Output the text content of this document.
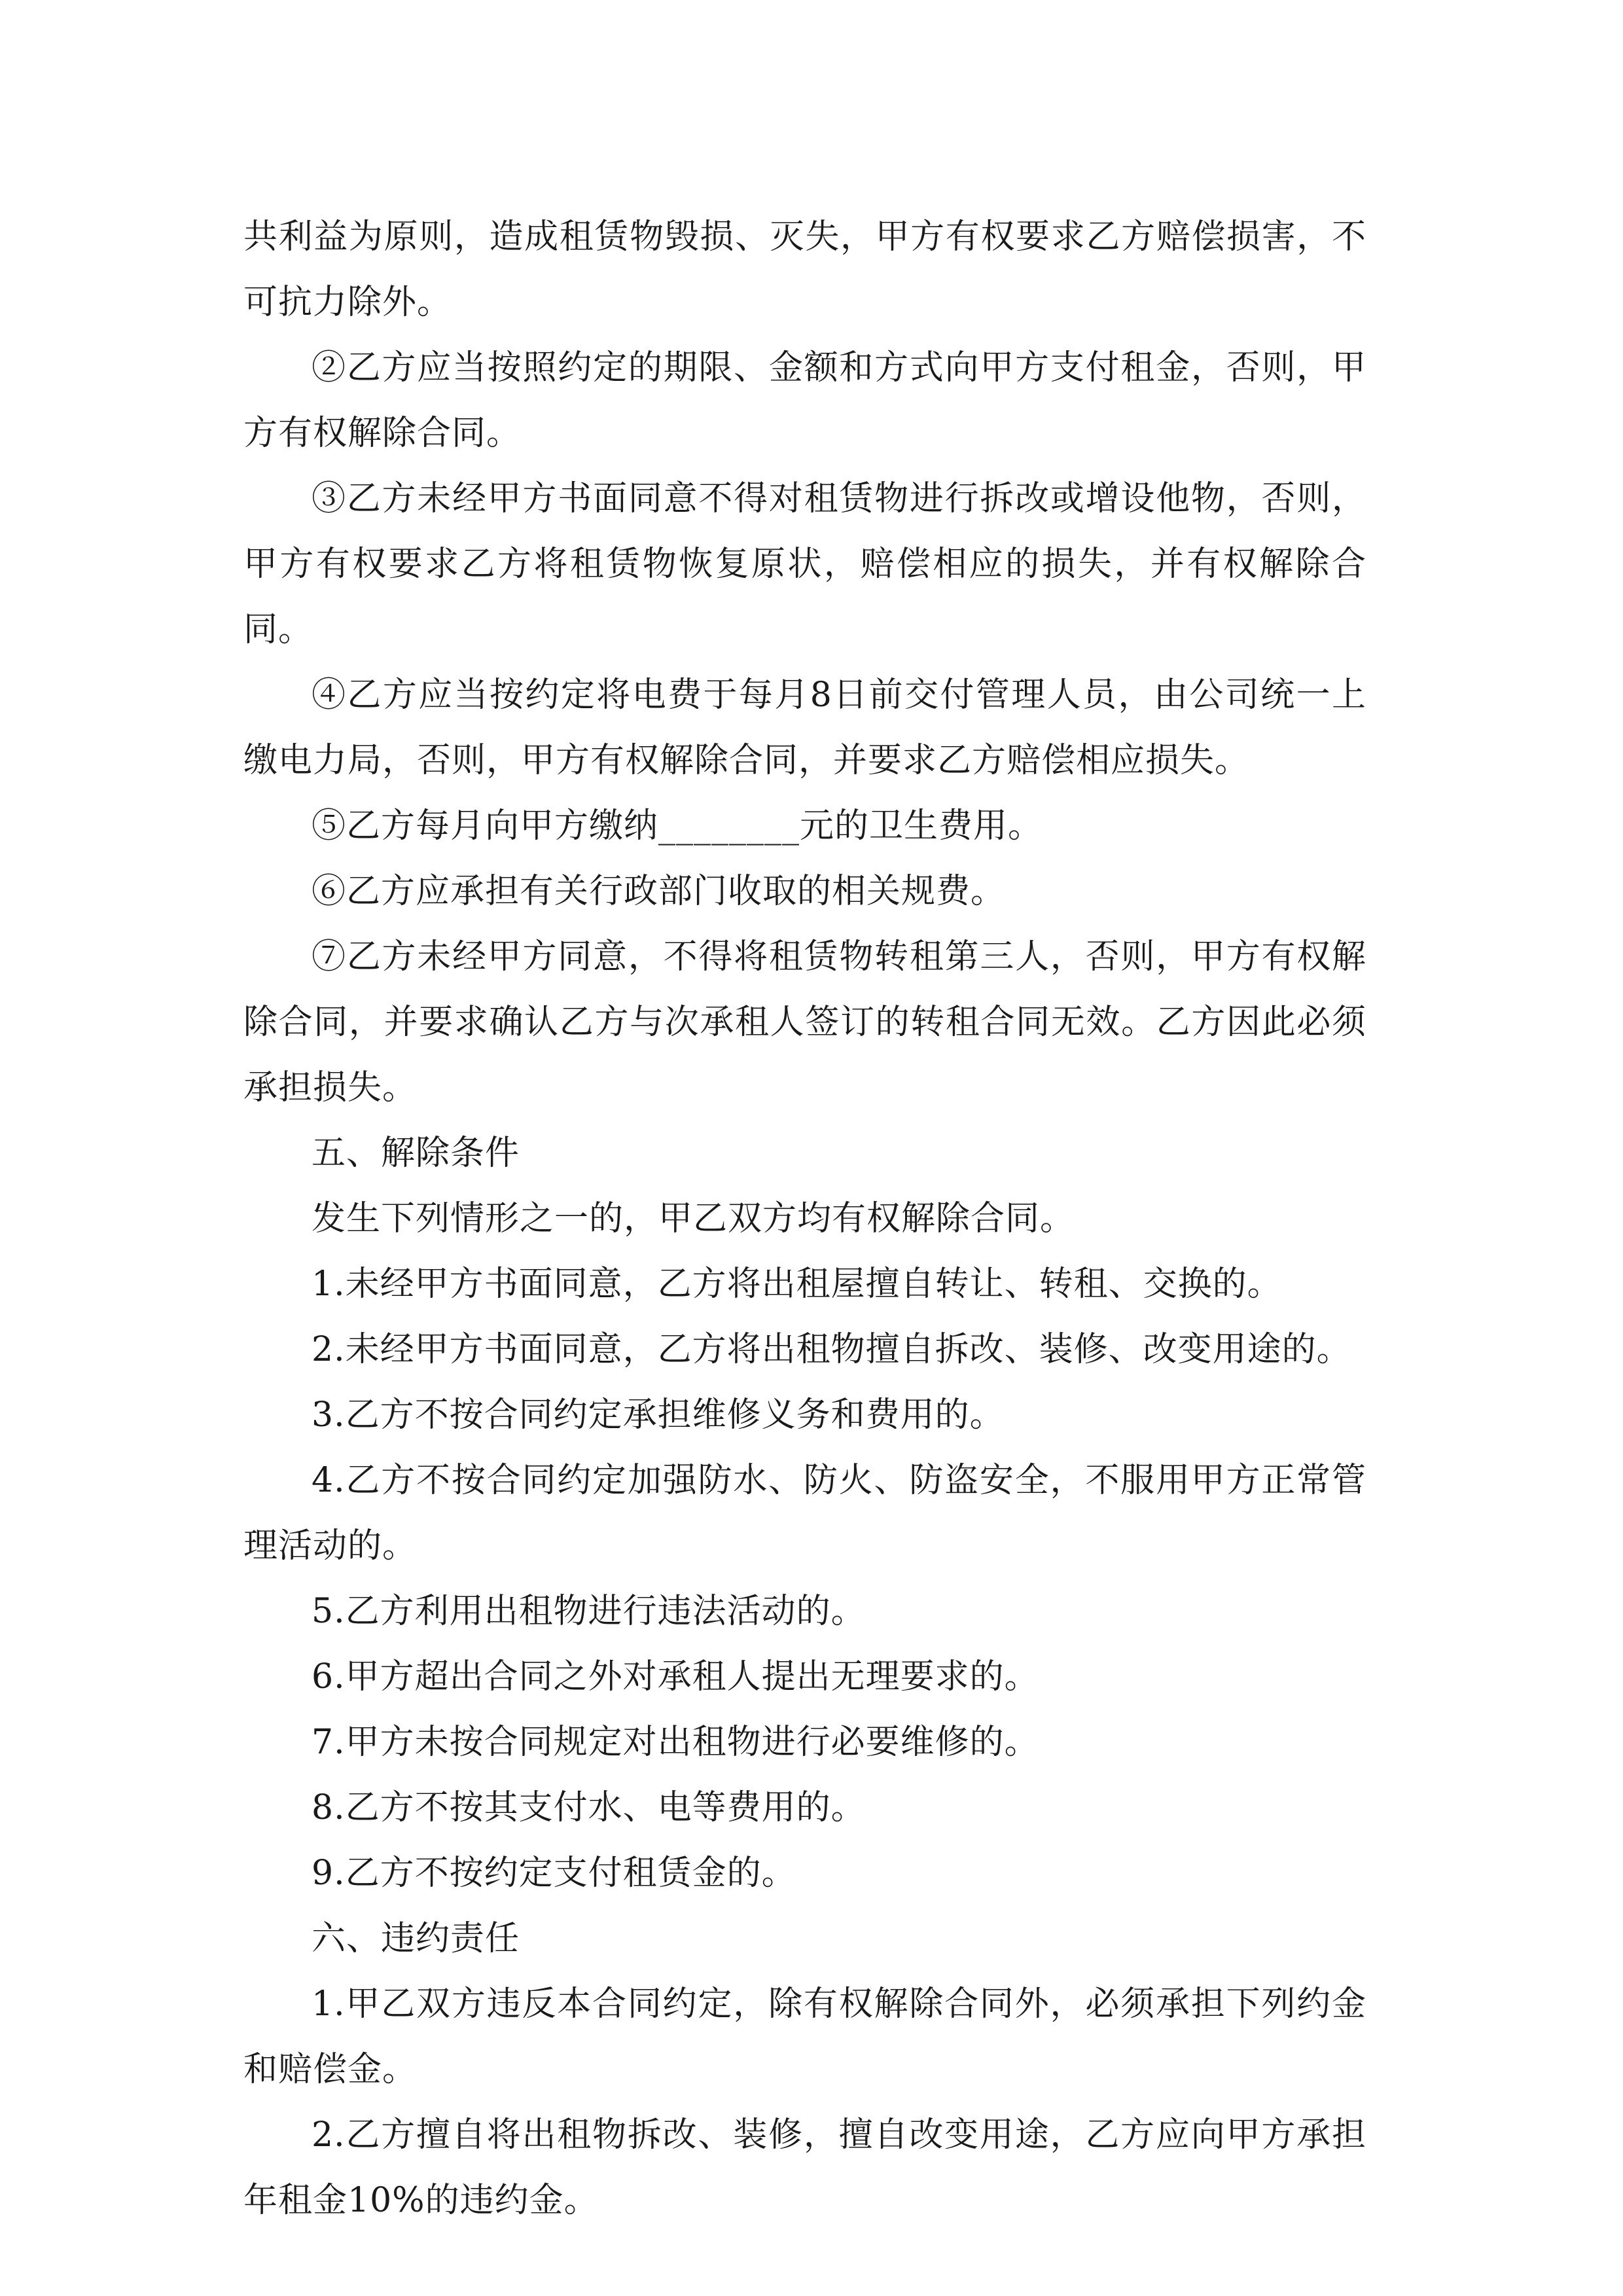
共利益为原则，造成租赁物毁损、灭失，甲方有权要求乙方赔偿损害，不可抗力除外。

②乙方应当按照约定的期限、金额和方式向甲方支付租金，否则，甲方有权解除合同。

③乙方未经甲方书面同意不得对租赁物进行拆改或增设他物，否则，甲方有权要求乙方将租赁物恢复原状，赔偿相应的损失，并有权解除合同。

④乙方应当按约定将电费于每月8日前交付管理人员，由公司统一上缴电力局，否则，甲方有权解除合同，并要求乙方赔偿相应损失。

⑤乙方每月向甲方缴纳________元的卫生费用。

⑥乙方应承担有关行政部门收取的相关规费。

⑦乙方未经甲方同意，不得将租赁物转租第三人，否则，甲方有权解除合同，并要求确认乙方与次承租人签订的转租合同无效。乙方因此必须承担损失。

五、解除条件

发生下列情形之一的，甲乙双方均有权解除合同。

1.未经甲方书面同意，乙方将出租屋擅自转让、转租、交换的。

2.未经甲方书面同意，乙方将出租物擅自拆改、装修、改变用途的。

3.乙方不按合同约定承担维修义务和费用的。

4.乙方不按合同约定加强防水、防火、防盗安全，不服用甲方正常管理活动的。

5.乙方利用出租物进行违法活动的。

6.甲方超出合同之外对承租人提出无理要求的。

7.甲方未按合同规定对出租物进行必要维修的。

8.乙方不按其支付水、电等费用的。

9.乙方不按约定支付租赁金的。

六、违约责任

1.甲乙双方违反本合同约定，除有权解除合同外，必须承担下列约金和赔偿金。

2.乙方擅自将出租物拆改、装修，擅自改变用途，乙方应向甲方承担年租金10%的违约金。
